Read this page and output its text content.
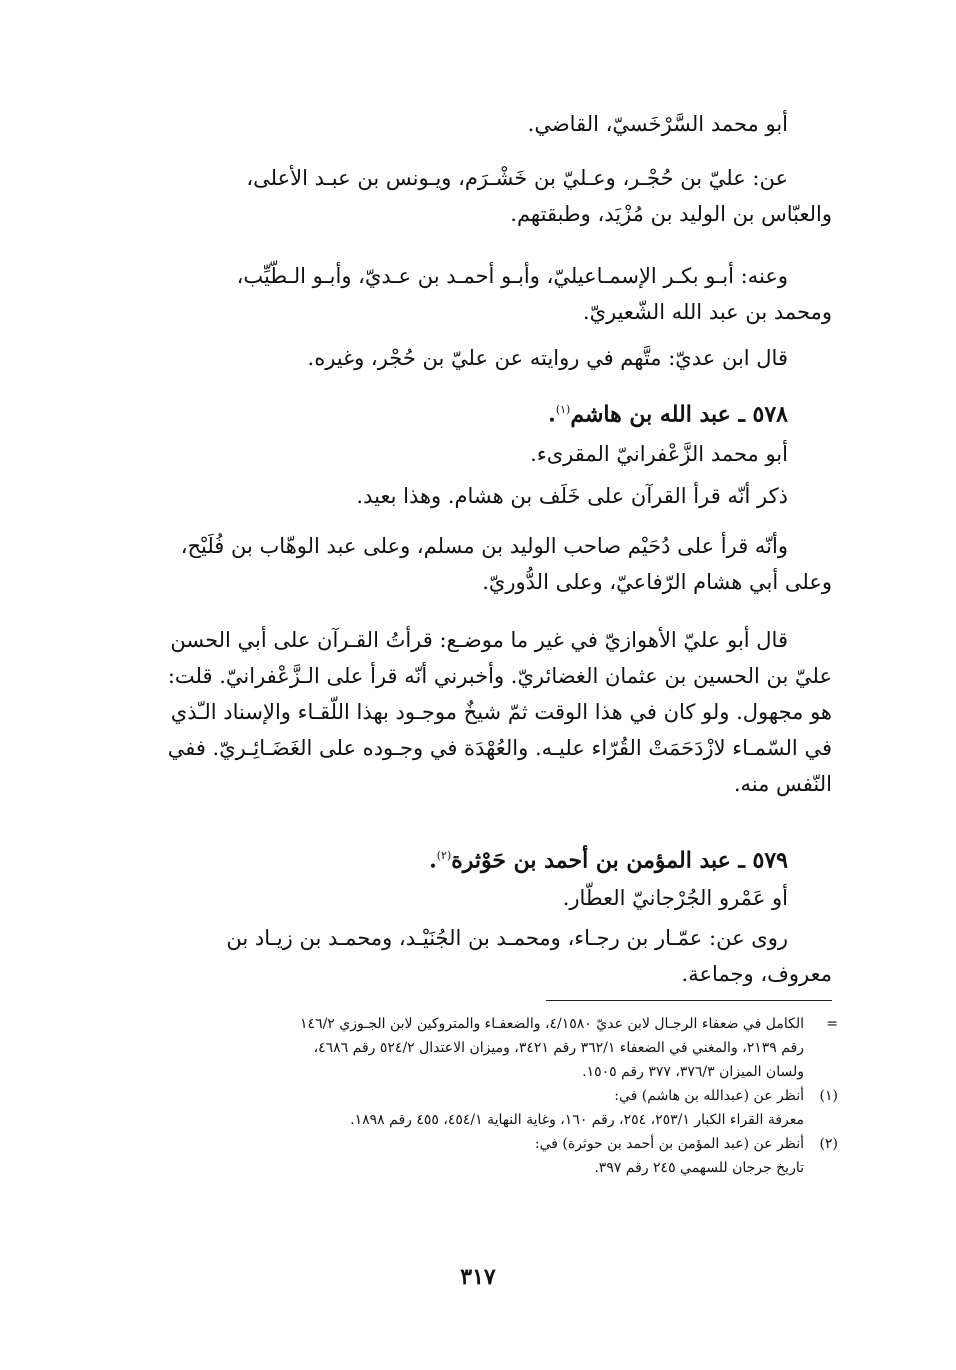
أبو محمد السَّرْخَسيّ، القاضي.
عن: عليّ بن حُجْـر، وعـليّ بن خَشْـرَم، ويـونس بن عبـد الأعلى،
والعبّاس بن الوليد بن مُزْيَد، وطبقتهم.
وعنه: أبـو بكـر الإسمـاعيليّ، وأبـو أحمـد بن عـديّ، وأبـو الـطّيِّب،
ومحمد بن عبد الله الشّعيريّ.
قال ابن عديّ: متَّهم في روايته عن عليّ بن حُجْر، وغيره.
٥٧٨ ـ عبد الله بن هاشم$^{(١)}$.
أبو محمد الزَّعْفرانيّ المقرىء.
ذكر أنّه قرأ القرآن على خَلَف بن هشام. وهذا بعيد.
وأنّه قرأ على دُحَيْم صاحب الوليد بن مسلم، وعلى عبد الوهّاب بن فُلَيْح،
وعلى أبي هشام الرّفاعيّ، وعلى الدُّوريّ.
قال أبو عليّ الأهوازيّ في غير ما موضـع: قرأتُ القـرآن على أبي الحسن
عليّ بن الحسين بن عثمان الغضائريّ. وأخبرني أنّه قرأ على الـزَّعْفرانيّ. قلت:
هو مجهول. ولو كان في هذا الوقت ثمّ شيخٌ موجـود بهذا اللّقـاء والإسناد الـّذي
في السّمـاء لازْدَحَمَتْ القُرّاء عليـه. والعُهْدَة في وجـوده على الغَضَـائِـريّ. ففي
النّفس منه.
٥٧٩ ـ عبد المؤمن بن أحمد بن حَوْثرة$^{(٢)}$.
أو عَمْرو الجُرْجانيّ العطّار.
روى عن: عمّـار بن رجـاء، ومحمـد بن الجُنَيْـد، ومحمـد بن زيـاد بن
معروف، وجماعة.
=
الكامل في ضعفاء الرجـال لابن عديّ ٤/١٥٨٠، والضعفـاء والمتروكين لابن الجـوزي ١٤٦/٢
رقم ٢١٣٩، والمغني في الضعفاء ٣٦٢/١ رقم ٣٤٢١، وميزان الاعتدال ٥٢٤/٢ رقم ٤٦٨٦،
ولسان الميزان ٣٧٦/٣، ٣٧٧ رقم ١٥٠٥.
(١)
أنظر عن (عبدالله بن هاشم) في:
معرفة القراء الكبار ٢٥٣/١، ٢٥٤، رقم ١٦٠، وغاية النهاية ٤٥٤/١، ٤٥٥ رقم ١٨٩٨.
(٢)
أنظر عن (عبد المؤمن بن أحمد بن حوثرة) في:
تاريخ جرجان للسهمي ٢٤٥ رقم ٣٩٧.
٣١٧
